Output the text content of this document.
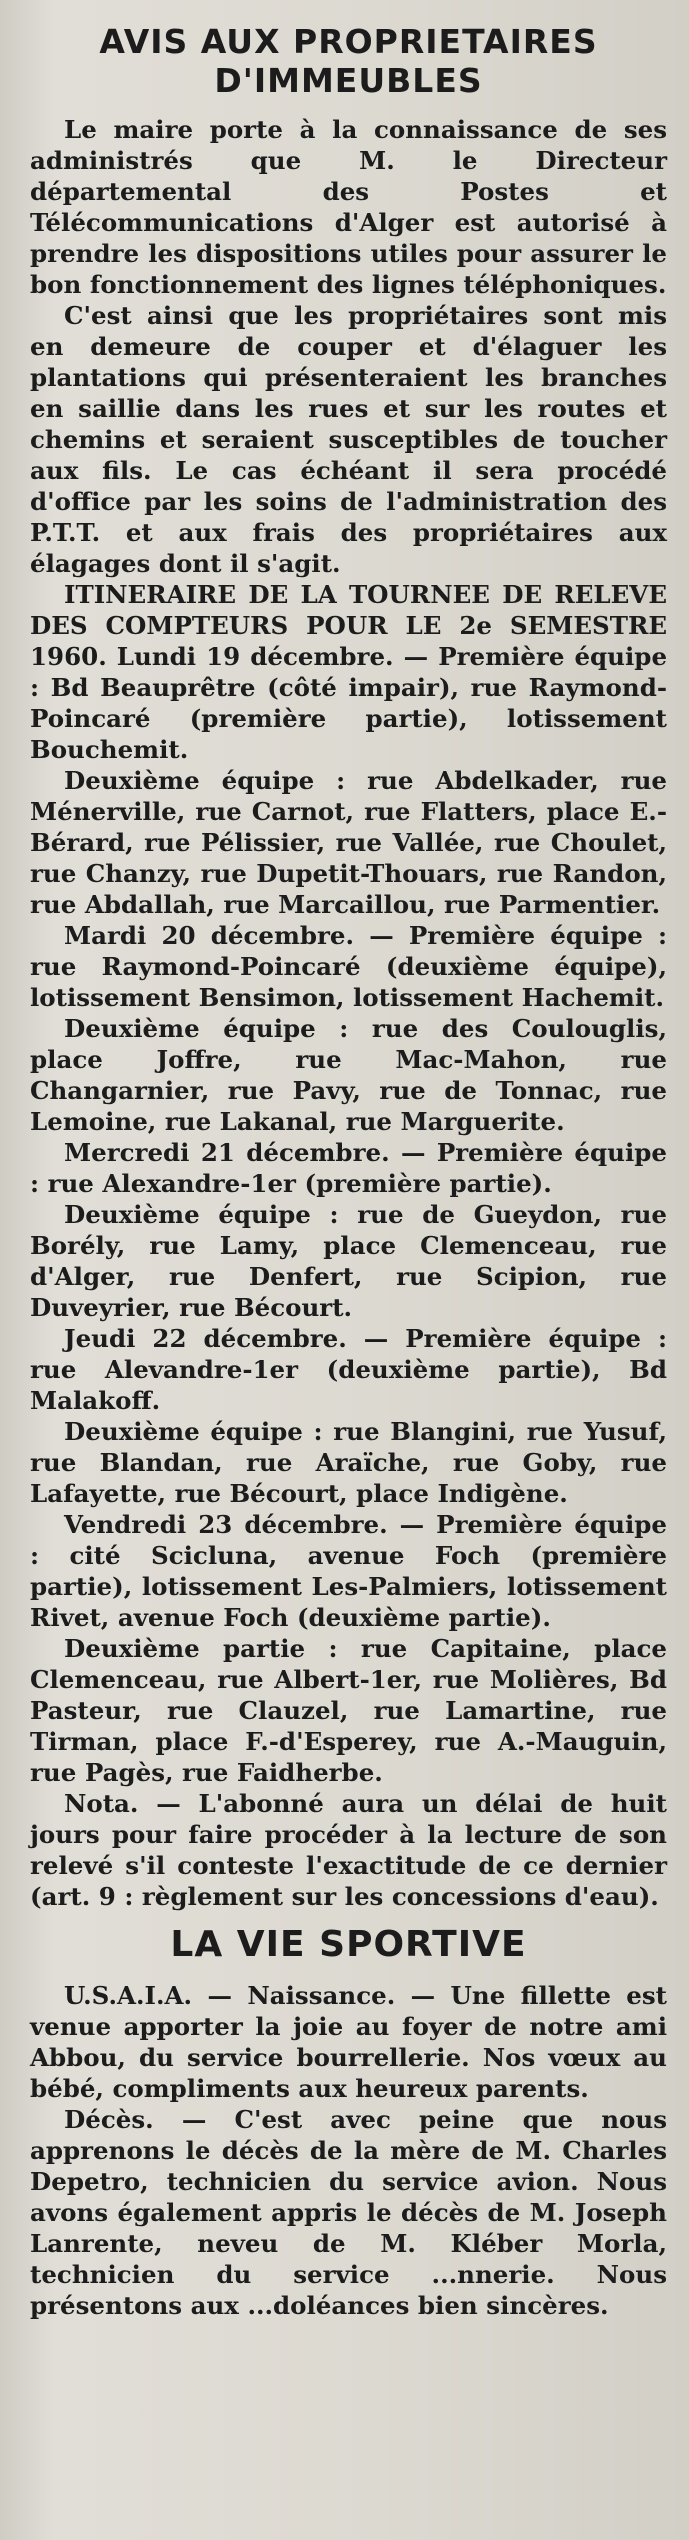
AVIS AUX PROPRIETAIRES
D'IMMEUBLES

Le maire porte à la connaissance de ses administrés que M. le Directeur départemental des Postes et Télécommunications d'Alger est autorisé à prendre les dispositions utiles pour assurer le bon fonctionnement des lignes téléphoniques.

C'est ainsi que les propriétaires sont mis en demeure de couper et d'élaguer les plantations qui présenteraient les branches en saillie dans les rues et sur les routes et chemins et seraient susceptibles de toucher aux fils. Le cas échéant il sera procédé d'office par les soins de l'administration des P.T.T. et aux frais des propriétaires aux élagages dont il s'agit.

ITINERAIRE DE LA TOURNEE DE RELEVE DES COMPTEURS POUR LE 2e SEMESTRE 1960. Lundi 19 décembre. — Première équipe : Bd Beauprêtre (côté impair), rue Raymond-Poincaré (première partie), lotissement Bouchemit.

Deuxième équipe : rue Abdelkader, rue Ménerville, rue Carnot, rue Flatters, place E.-Bérard, rue Pélissier, rue Vallée, rue Choulet, rue Chanzy, rue Dupetit-Thouars, rue Randon, rue Abdallah, rue Marcaillou, rue Parmentier.

Mardi 20 décembre. — Première équipe : rue Raymond-Poincaré (deuxième équipe), lotissement Bensimon, lotissement Hachemit.

Deuxième équipe : rue des Coulouglis, place Joffre, rue Mac-Mahon, rue Changarnier, rue Pavy, rue de Tonnac, rue Lemoine, rue Lakanal, rue Marguerite.

Mercredi 21 décembre. — Première équipe : rue Alexandre-1er (première partie).

Deuxième équipe : rue de Gueydon, rue Borély, rue Lamy, place Clemenceau, rue d'Alger, rue Denfert, rue Scipion, rue Duveyrier, rue Bécourt.

Jeudi 22 décembre. — Première équipe : rue Alevandre-1er (deuxième partie), Bd Malakoff.

Deuxième équipe : rue Blangini, rue Yusuf, rue Blandan, rue Araïche, rue Goby, rue Lafayette, rue Bécourt, place Indigène.

Vendredi 23 décembre. — Première équipe : cité Scicluna, avenue Foch (première partie), lotissement Les-Palmiers, lotissement Rivet, avenue Foch (deuxième partie).

Deuxième partie : rue Capitaine, place Clemenceau, rue Albert-1er, rue Molières, Bd Pasteur, rue Clauzel, rue Lamartine, rue Tirman, place F.-d'Esperey, rue A.-Mauguin, rue Pagès, rue Faidherbe.

Nota. — L'abonné aura un délai de huit jours pour faire procéder à la lecture de son relevé s'il conteste l'exactitude de ce dernier (art. 9 : règlement sur les concessions d'eau).

LA VIE SPORTIVE

U.S.A.I.A. — Naissance. — Une fillette est venue apporter la joie au foyer de notre ami Abbou, du service bourrellerie. Nos vœux au bébé, compliments aux heureux parents.

Décès. — C'est avec peine que nous apprenons le décès de la mère de M. Charles Depetro, technicien du service avion. Nous avons également appris le décès de M. Joseph Lanrente, neveu de M. Kléber Morla, technicien du service ...nnerie. Nous présentons aux ...doléances bien sincères.
